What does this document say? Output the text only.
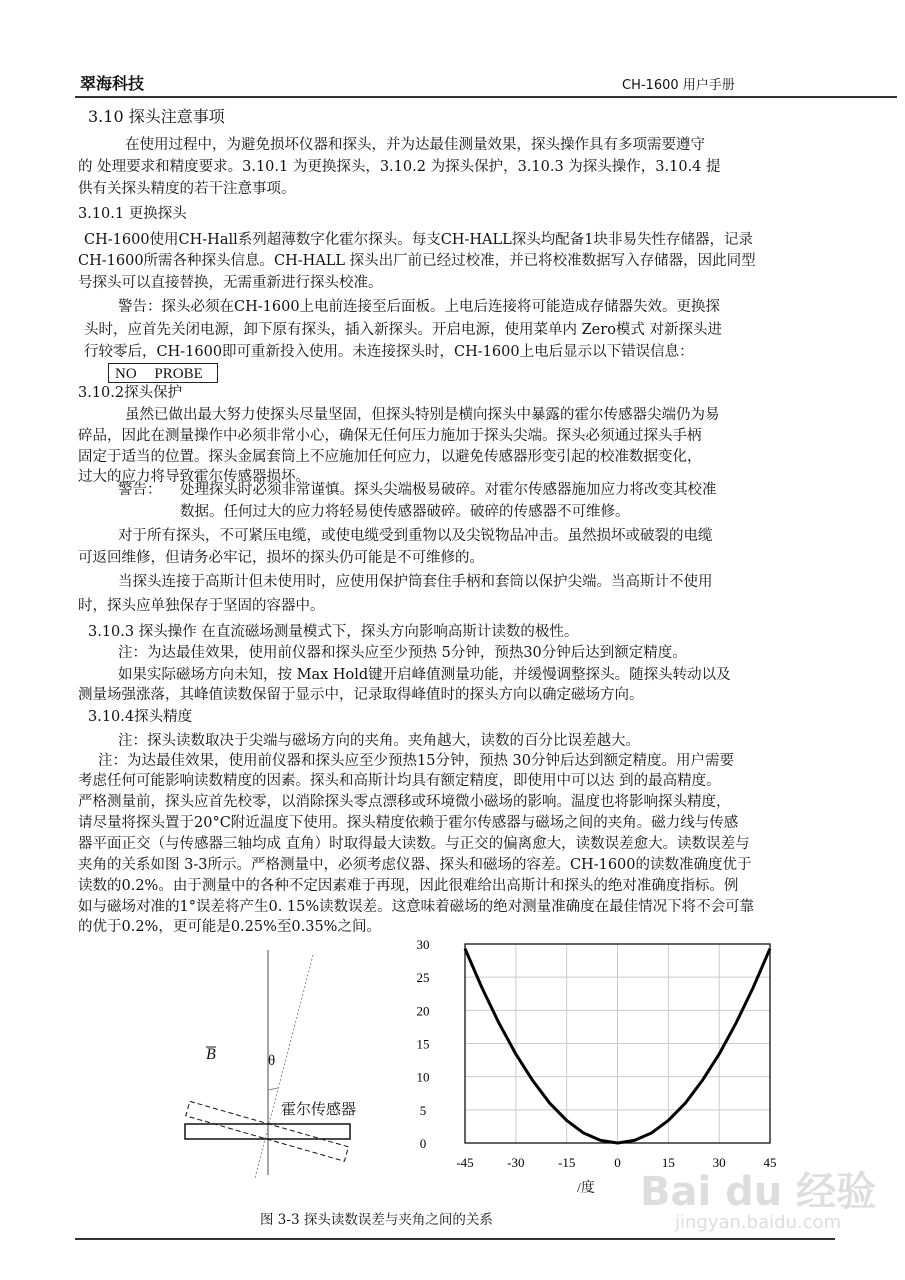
翠海科技	CH-1600 用户手册
3.10 探头注意事项
在使用过程中，为避免损坏仪器和探头，并为达最佳测量效果，探头操作具有多项需要遵守
的 处理要求和精度要求。3.10.1 为更换探头，3.10.2 为探头保护，3.10.3 为探头操作，3.10.4 提
供有关探头精度的若干注意事项。
3.10.1 更换探头
CH-1600使用CH-Hall系列超薄数字化霍尔探头。每支CH-HALL探头均配备1块非易失性存储器，记录
CH-1600所需各种探头信息。CH-HALL 探头出厂前已经过校准，并已将校准数据写入存储器，因此同型
号探头可以直接替换，无需重新进行探头校准。
警告：探头必须在CH-1600上电前连接至后面板。上电后连接将可能造成存储器失效。更换探
头时，应首先关闭电源，卸下原有探头，插入新探头。开启电源，使用菜单内 Zero模式 对新探头进
行较零后，CH-1600即可重新投入使用。未连接探头时，CH-1600上电后显示以下错误信息：
NO PROBE
3.10.2探头保护
虽然已做出最大努力使探头尽量坚固，但探头特别是横向探头中暴露的霍尔传感器尖端仍为易
碎品，因此在测量操作中必须非常小心，确保无任何压力施加于探头尖端。探头必须通过探头手柄
固定于适当的位置。探头金属套筒上不应施加任何应力，以避免传感器形变引起的校准数据变化，
过大的应力将导致霍尔传感器损坏。
警告： 处理探头时必须非常谨慎。探头尖端极易破碎。对霍尔传感器施加应力将改变其校准
数据。任何过大的应力将轻易使传感器破碎。破碎的传感器不可维修。
对于所有探头，不可紧压电缆，或使电缆受到重物以及尖锐物品冲击。虽然损坏或破裂的电缆
可返回维修，但请务必牢记，损坏的探头仍可能是不可维修的。
当探头连接于高斯计但未使用时，应使用保护筒套住手柄和套筒以保护尖端。当高斯计不使用
时，探头应单独保存于坚固的容器中。
3.10.3 探头操作 在直流磁场测量模式下，探头方向影响高斯计读数的极性。
注：为达最佳效果，使用前仪器和探头应至少预热 5分钟，预热30分钟后达到额定精度。
如果实际磁场方向未知，按 Max Hold键开启峰值测量功能，并缓慢调整探头。随探头转动以及
测量场强涨落，其峰值读数保留于显示中，记录取得峰值时的探头方向以确定磁场方向。
3.10.4探头精度
注：探头读数取决于尖端与磁场方向的夹角。夹角越大，读数的百分比误差越大。
注：为达最佳效果，使用前仪器和探头应至少预热15分钟，预热 30分钟后达到额定精度。用户需要
考虑任何可能影响读数精度的因素。探头和高斯计均具有额定精度，即使用中可以达 到的最高精度。
严格测量前，探头应首先校零，以消除探头零点漂移或环境微小磁场的影响。温度也将影响探头精度，
请尽量将探头置于20°C附近温度下使用。探头精度依赖于霍尔传感器与磁场之间的夹角。磁力线与传感
器平面正交（与传感器三轴均成 直角）时取得最大读数。与正交的偏离愈大，读数误差愈大。读数误差与
夹角的关系如图 3-3所示。严格测量中，必须考虑仪器、探头和磁场的容差。CH-1600的读数准确度优于
读数的0.2%。由于测量中的各种不定因素难于再现，因此很难给出高斯计和探头的绝对准确度指标。例
如与磁场对准的1°误差将产生0. 15%读数误差。这意味着磁场的绝对测量准确度在最佳情况下将不会可靠
的优于0.2%，更可能是0.25%至0.35%之间。
B	θ
霍尔传感器
-45	-30	-15	0	15	30	45
0
5
10
15
20
25
30
/度
图 3-3 探头读数误差与夹角之间的关系
Bai du 经验
jingyan.baidu.com
